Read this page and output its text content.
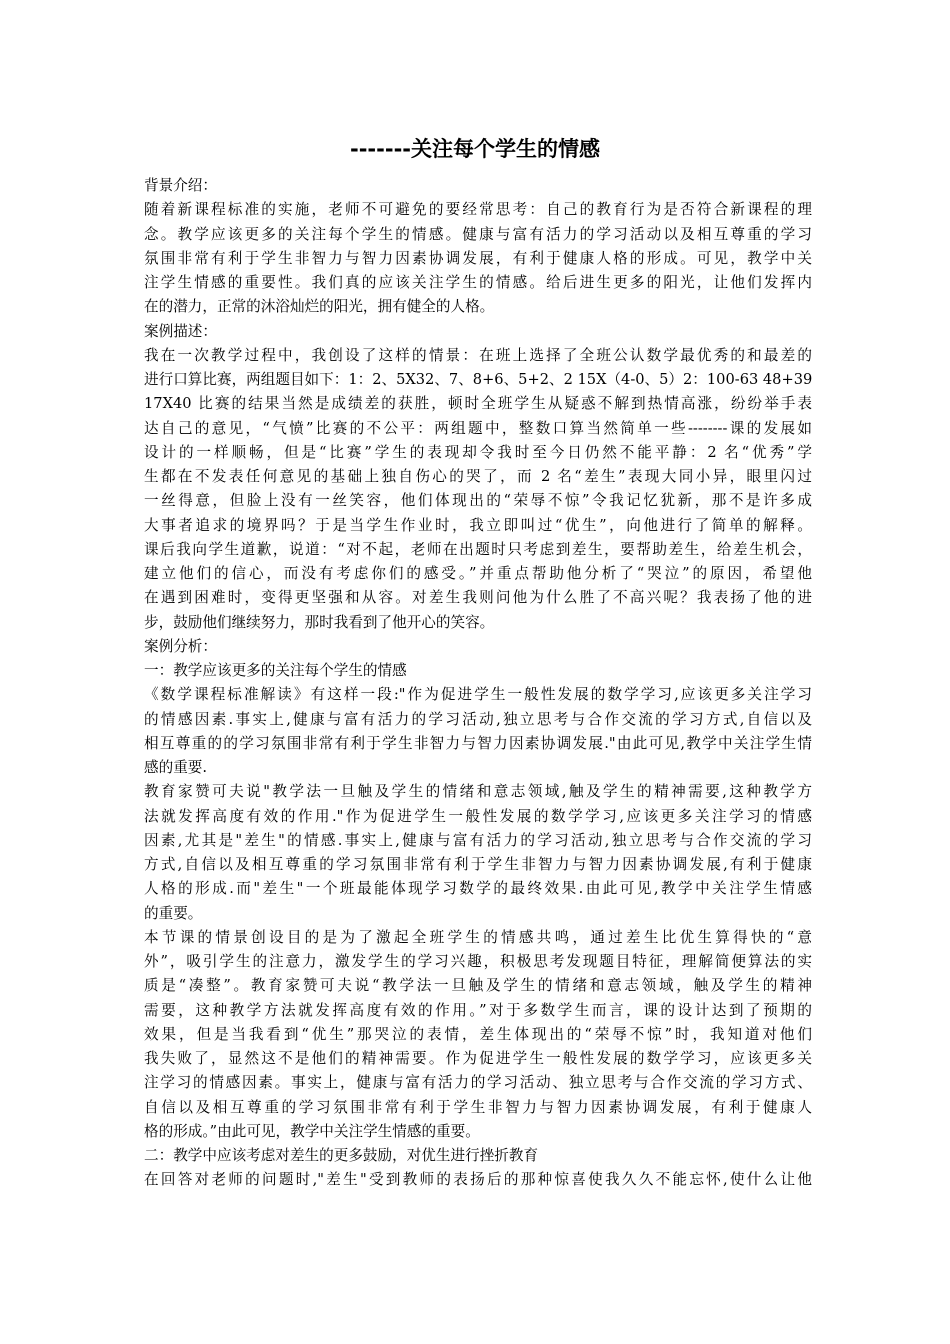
-------关注每个学生的情感
背景介绍：
随着新课程标准的实施，老师不可避免的要经常思考：自己的教育行为是否符合新课程的理
念。教学应该更多的关注每个学生的情感。健康与富有活力的学习活动以及相互尊重的学习
氛围非常有利于学生非智力与智力因素协调发展，有利于健康人格的形成。可见，教学中关
注学生情感的重要性。我们真的应该关注学生的情感。给后进生更多的阳光，让他们发挥内
在的潜力，正常的沐浴灿烂的阳光，拥有健全的人格。
案例描述：
我在一次教学过程中，我创设了这样的情景：在班上选择了全班公认数学最优秀的和最差的
进行口算比赛，两组题目如下：1：2、5X32、7、8+6、5+2、2 15X（4-0、5）2：100-63 48+39
17X40 比赛的结果当然是成绩差的获胜，顿时全班学生从疑惑不解到热情高涨，纷纷举手表
达自己的意见，“气愤”比赛的不公平：两组题中，整数口算当然简单一些--------课的发展如
设计的一样顺畅，但是“比赛”学生的表现却令我时至今日仍然不能平静：2 名“优秀”学
生都在不发表任何意见的基础上独自伤心的哭了，而 2 名“差生”表现大同小异，眼里闪过
一丝得意，但脸上没有一丝笑容，他们体现出的“荣辱不惊”令我记忆犹新，那不是许多成
大事者追求的境界吗？于是当学生作业时，我立即叫过“优生”，向他进行了简单的解释。
课后我向学生道歉，说道：“对不起，老师在出题时只考虑到差生，要帮助差生，给差生机会，
建立他们的信心，而没有考虑你们的感受。”并重点帮助他分析了“哭泣”的原因，希望他
在遇到困难时，变得更坚强和从容。对差生我则问他为什么胜了不高兴呢？我表扬了他的进
步，鼓励他们继续努力，那时我看到了他开心的笑容。
案例分析：
一：教学应该更多的关注每个学生的情感
《数学课程标准解读》有这样一段:"作为促进学生一般性发展的数学学习,应该更多关注学习
的情感因素.事实上,健康与富有活力的学习活动,独立思考与合作交流的学习方式,自信以及
相互尊重的的学习氛围非常有利于学生非智力与智力因素协调发展."由此可见,教学中关注学生情
感的重要.
教育家赞可夫说"教学法一旦触及学生的情绪和意志领域,触及学生的精神需要,这种教学方
法就发挥高度有效的作用."作为促进学生一般性发展的数学学习,应该更多关注学习的情感
因素,尤其是"差生"的情感.事实上,健康与富有活力的学习活动,独立思考与合作交流的学习
方式,自信以及相互尊重的学习氛围非常有利于学生非智力与智力因素协调发展,有利于健康
人格的形成.而"差生"一个班最能体现学习数学的最终效果.由此可见,教学中关注学生情感
的重要。
本节课的情景创设目的是为了激起全班学生的情感共鸣，通过差生比优生算得快的“意
外”，吸引学生的注意力，激发学生的学习兴趣，积极思考发现题目特征，理解简便算法的实
质是“凑整”。教育家赞可夫说“教学法一旦触及学生的情绪和意志领域，触及学生的精神
需要，这种教学方法就发挥高度有效的作用。”对于多数学生而言，课的设计达到了预期的
效果，但是当我看到“优生”那哭泣的表情，差生体现出的“荣辱不惊”时，我知道对他们
我失败了，显然这不是他们的精神需要。作为促进学生一般性发展的数学学习，应该更多关
注学习的情感因素。事实上，健康与富有活力的学习活动、独立思考与合作交流的学习方式、
自信以及相互尊重的学习氛围非常有利于学生非智力与智力因素协调发展，有利于健康人
格的形成。”由此可见，教学中关注学生情感的重要。
二：教学中应该考虑对差生的更多鼓励，对优生进行挫折教育
在回答对老师的问题时,"差生"受到教师的表扬后的那种惊喜使我久久不能忘怀,使什么让他
